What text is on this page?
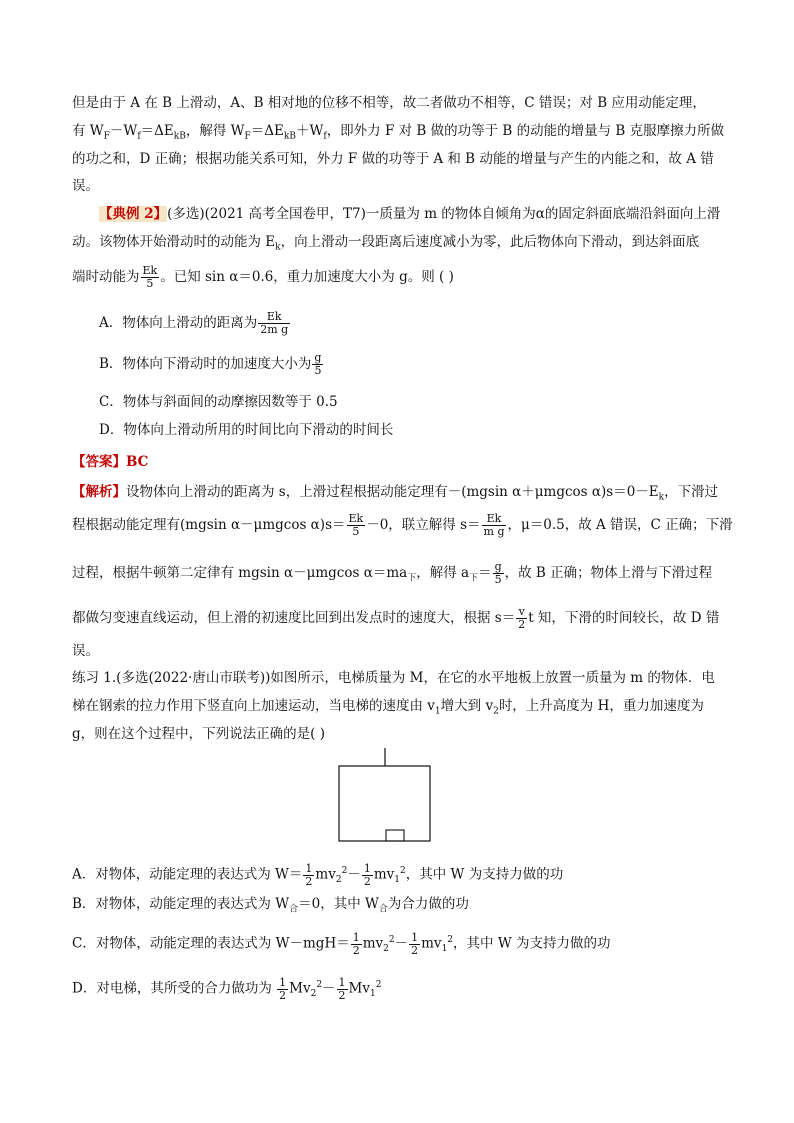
但是由于 A 在 B 上滑动，A、B 相对地的位移不相等，故二者做功不相等，C 错误；对 B 应用动能定理，
有 $W_F-W_f=\Delta E_{kB}$，解得 $W_F=\Delta E_{kB}+W_f$，即外力 F 对 B 做的功等于 B 的动能的增量与 B 克服摩擦力所做
的功之和，D 正确；根据功能关系可知，外力 F 做的功等于 A 和 B 动能的增量与产生的内能之和，故 A 错
误。
【典例 2】(多选)(2021 高考全国卷甲，T7)一质量为 m 的物体自倾角为α的固定斜面底端沿斜面向上滑
动。该物体开始滑动时的动能为 $E_k$，向上滑动一段距离后速度减小为零，此后物体向下滑动，到达斜面底
端时动能为 $\frac{Ek}{5}$ 。已知 sin α＝0.6，重力加速度大小为 g。则 ( )
A．物体向上滑动的距离为 $\frac{Ek}{\text{2m g}}$
B．物体向下滑动时的加速度大小为 $\frac{g}{5}$
C．物体与斜面间的动摩擦因数等于 0.5
D．物体向上滑动所用的时间比向下滑动的时间长
【答案】BC
【解析】设物体向上滑动的距离为 s，上滑过程根据动能定理有－(mgsin α＋μmgcos $\alpha)s=0-E_k$，下滑过
程根据动能定理有(mgsin α－μmgcos $\alpha)s= \frac{Ek}{5} -0$，联立解得 $s= \frac{Ek}{\text{m g}}$ ，μ＝0.5，故 A 错误，C 正确；下滑
过程，根据牛顿第二定律有 mgsin α－μmgcos $\alpha=ma_下$，解得 $a_下= \frac{g}{5}$ ，故 B 正确；物体上滑与下滑过程
都做匀变速直线运动，但上滑的初速度比回到出发点时的速度大，根据 $s= \frac{v}{2}$ t 知，下滑的时间较长，故 D 错
误。
练习 1.(多选(2022·唐山市联考))如图所示，电梯质量为 M，在它的水平地板上放置一质量为 m 的物体．电
梯在钢索的拉力作用下竖直向上加速运动，当电梯的速度由 $v_1$增大到 $v_2$时，上升高度为 H，重力加速度为
g，则在这个过程中，下列说法正确的是( )
A．对物体，动能定理的表达式为 $W= \frac{1}{2} mv_2^2- \frac{1}{2} mv_1^2$，其中 W 为支持力做的功
B．对物体，动能定理的表达式为 $W_合=0$，其中 $W_合$为合力做的功
C．对物体，动能定理的表达式为 $W-mgH= \frac{1}{2} mv_2^2- \frac{1}{2} mv_1^2$，其中 W 为支持力做的功
D．对电梯，其所受的合力做功为 $\frac{1}{2} Mv_2^2- \frac{1}{2} Mv_1^2$
